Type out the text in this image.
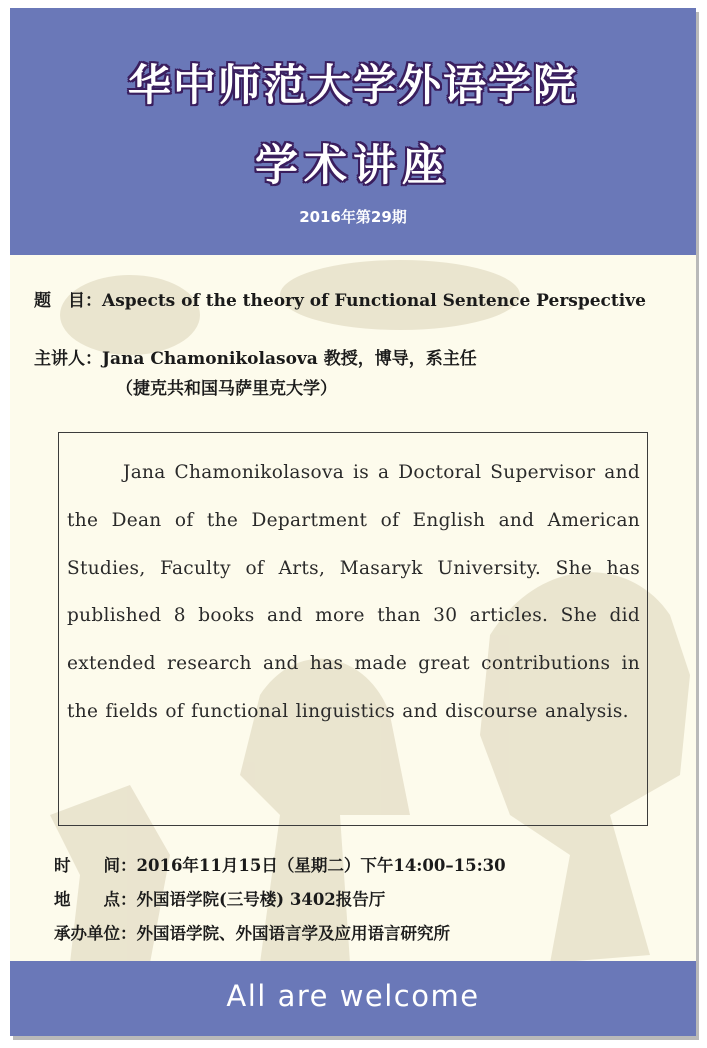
华中师范大学外语学院
学术讲座
2016年第29期
题　目：Aspects of the theory of Functional Sentence Perspective
主讲人：Jana Chamonikolasova 教授，博导，系主任
（捷克共和国马萨里克大学）
Jana Chamonikolasova is a Doctoral Supervisor and the Dean of the Department of English and American Studies, Faculty of Arts, Masaryk University. She has published 8 books and more than 30 articles. She did extended research and has made great contributions in the fields of functional linguistics and discourse analysis.
时　　间：2016年11月15日（星期二）下午14:00–15:30
地　　点：外国语学院(三号楼) 3402报告厅
承办单位：外国语学院、外国语言学及应用语言研究所
All are welcome
